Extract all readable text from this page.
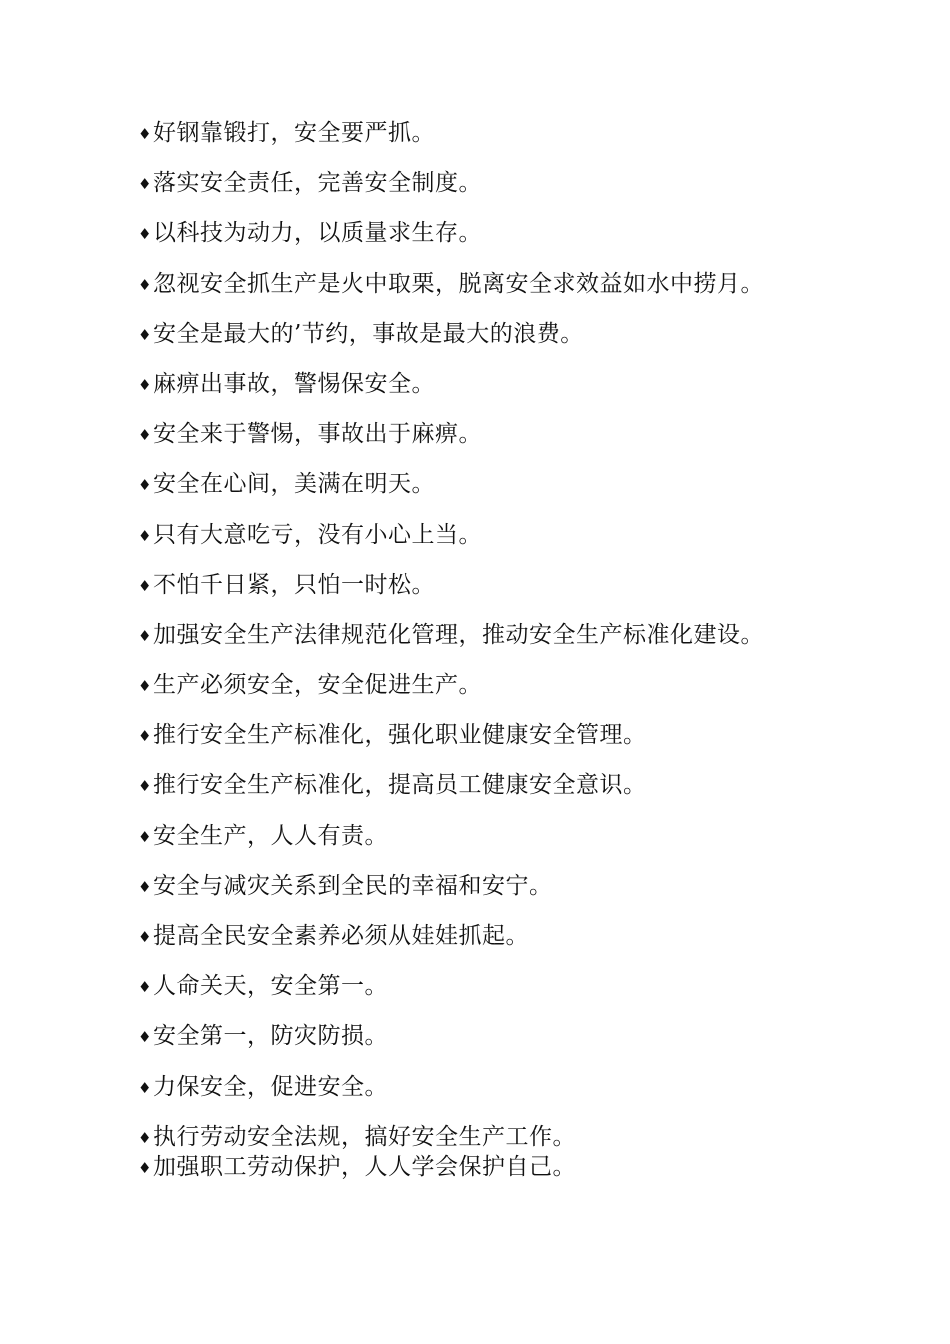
♦ 好钢靠锻打，安全要严抓。
♦ 落实安全责任，完善安全制度。
♦ 以科技为动力，以质量求生存。
♦ 忽视安全抓生产是火中取栗，脱离安全求效益如水中捞月。
♦ 安全是最大的’节约，事故是最大的浪费。
♦ 麻痹出事故，警惕保安全。
♦ 安全来于警惕，事故出于麻痹。
♦ 安全在心间，美满在明天。
♦ 只有大意吃亏，没有小心上当。
♦ 不怕千日紧，只怕一时松。
♦ 加强安全生产法律规范化管理，推动安全生产标准化建设。
♦ 生产必须安全，安全促进生产。
♦ 推行安全生产标准化，强化职业健康安全管理。
♦ 推行安全生产标准化，提高员工健康安全意识。
♦ 安全生产，人人有责。
♦ 安全与减灾关系到全民的幸福和安宁。
♦ 提高全民安全素养必须从娃娃抓起。
♦ 人命关天，安全第一。
♦ 安全第一，防灾防损。
♦ 力保安全，促进安全。
♦ 执行劳动安全法规，搞好安全生产工作。
♦ 加强职工劳动保护，人人学会保护自己。
